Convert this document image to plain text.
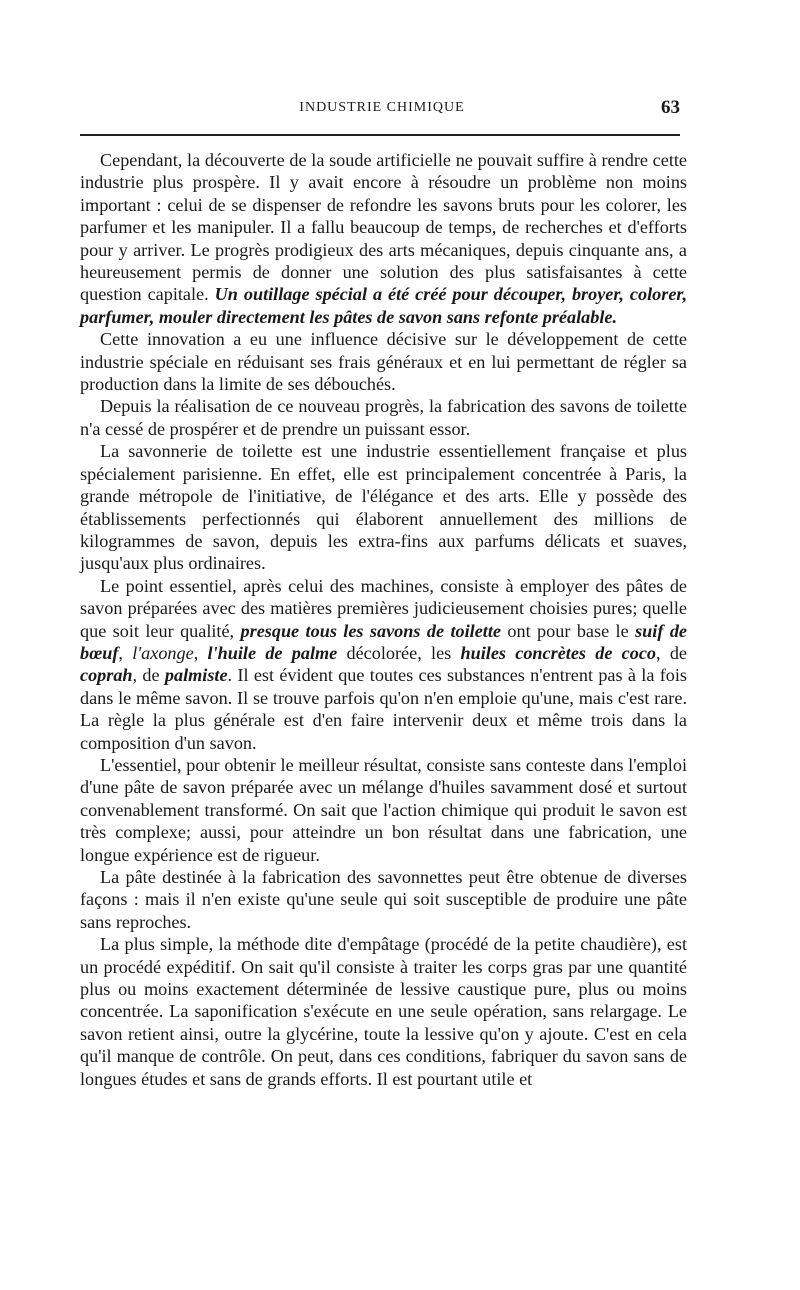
INDUSTRIE CHIMIQUE	63

Cependant, la découverte de la soude artificielle ne pouvait suffire à rendre cette industrie plus prospère. Il y avait encore à résoudre un problème non moins important : celui de se dispenser de refondre les savons bruts pour les colorer, les parfumer et les manipuler. Il a fallu beaucoup de temps, de recherches et d'efforts pour y arriver. Le progrès prodigieux des arts mécaniques, depuis cinquante ans, a heureusement permis de donner une solution des plus satisfaisantes à cette question capitale. Un outillage spécial a été créé pour découper, broyer, colorer, parfumer, mouler directement les pâtes de savon sans refonte préalable.

Cette innovation a eu une influence décisive sur le développement de cette industrie spéciale en réduisant ses frais généraux et en lui permettant de régler sa production dans la limite de ses débouchés.

Depuis la réalisation de ce nouveau progrès, la fabrication des savons de toilette n'a cessé de prospérer et de prendre un puissant essor.

La savonnerie de toilette est une industrie essentiellement française et plus spécialement parisienne. En effet, elle est principalement concentrée à Paris, la grande métropole de l'initiative, de l'élégance et des arts. Elle y possède des établissements perfectionnés qui élaborent annuellement des millions de kilogrammes de savon, depuis les extra-fins aux parfums délicats et suaves, jusqu'aux plus ordinaires.

Le point essentiel, après celui des machines, consiste à employer des pâtes de savon préparées avec des matières premières judicieusement choisies pures; quelle que soit leur qualité, presque tous les savons de toilette ont pour base le suif de bœuf, l'axonge, l'huile de palme décolorée, les huiles concrètes de coco, de coprah, de palmiste. Il est évident que toutes ces substances n'entrent pas à la fois dans le même savon. Il se trouve parfois qu'on n'en emploie qu'une, mais c'est rare. La règle la plus générale est d'en faire intervenir deux et même trois dans la composition d'un savon.

L'essentiel, pour obtenir le meilleur résultat, consiste sans conteste dans l'emploi d'une pâte de savon préparée avec un mélange d'huiles savamment dosé et surtout convenablement transformé. On sait que l'action chimique qui produit le savon est très complexe; aussi, pour atteindre un bon résultat dans une fabrication, une longue expérience est de rigueur.

La pâte destinée à la fabrication des savonnettes peut être obtenue de diverses façons : mais il n'en existe qu'une seule qui soit susceptible de produire une pâte sans reproches.

La plus simple, la méthode dite d'empâtage (procédé de la petite chaudière), est un procédé expéditif. On sait qu'il consiste à traiter les corps gras par une quantité plus ou moins exactement déterminée de lessive caustique pure, plus ou moins concentrée. La saponification s'exécute en une seule opération, sans relargage. Le savon retient ainsi, outre la glycérine, toute la lessive qu'on y ajoute. C'est en cela qu'il manque de contrôle. On peut, dans ces conditions, fabriquer du savon sans de longues études et sans de grands efforts. Il est pourtant utile et
